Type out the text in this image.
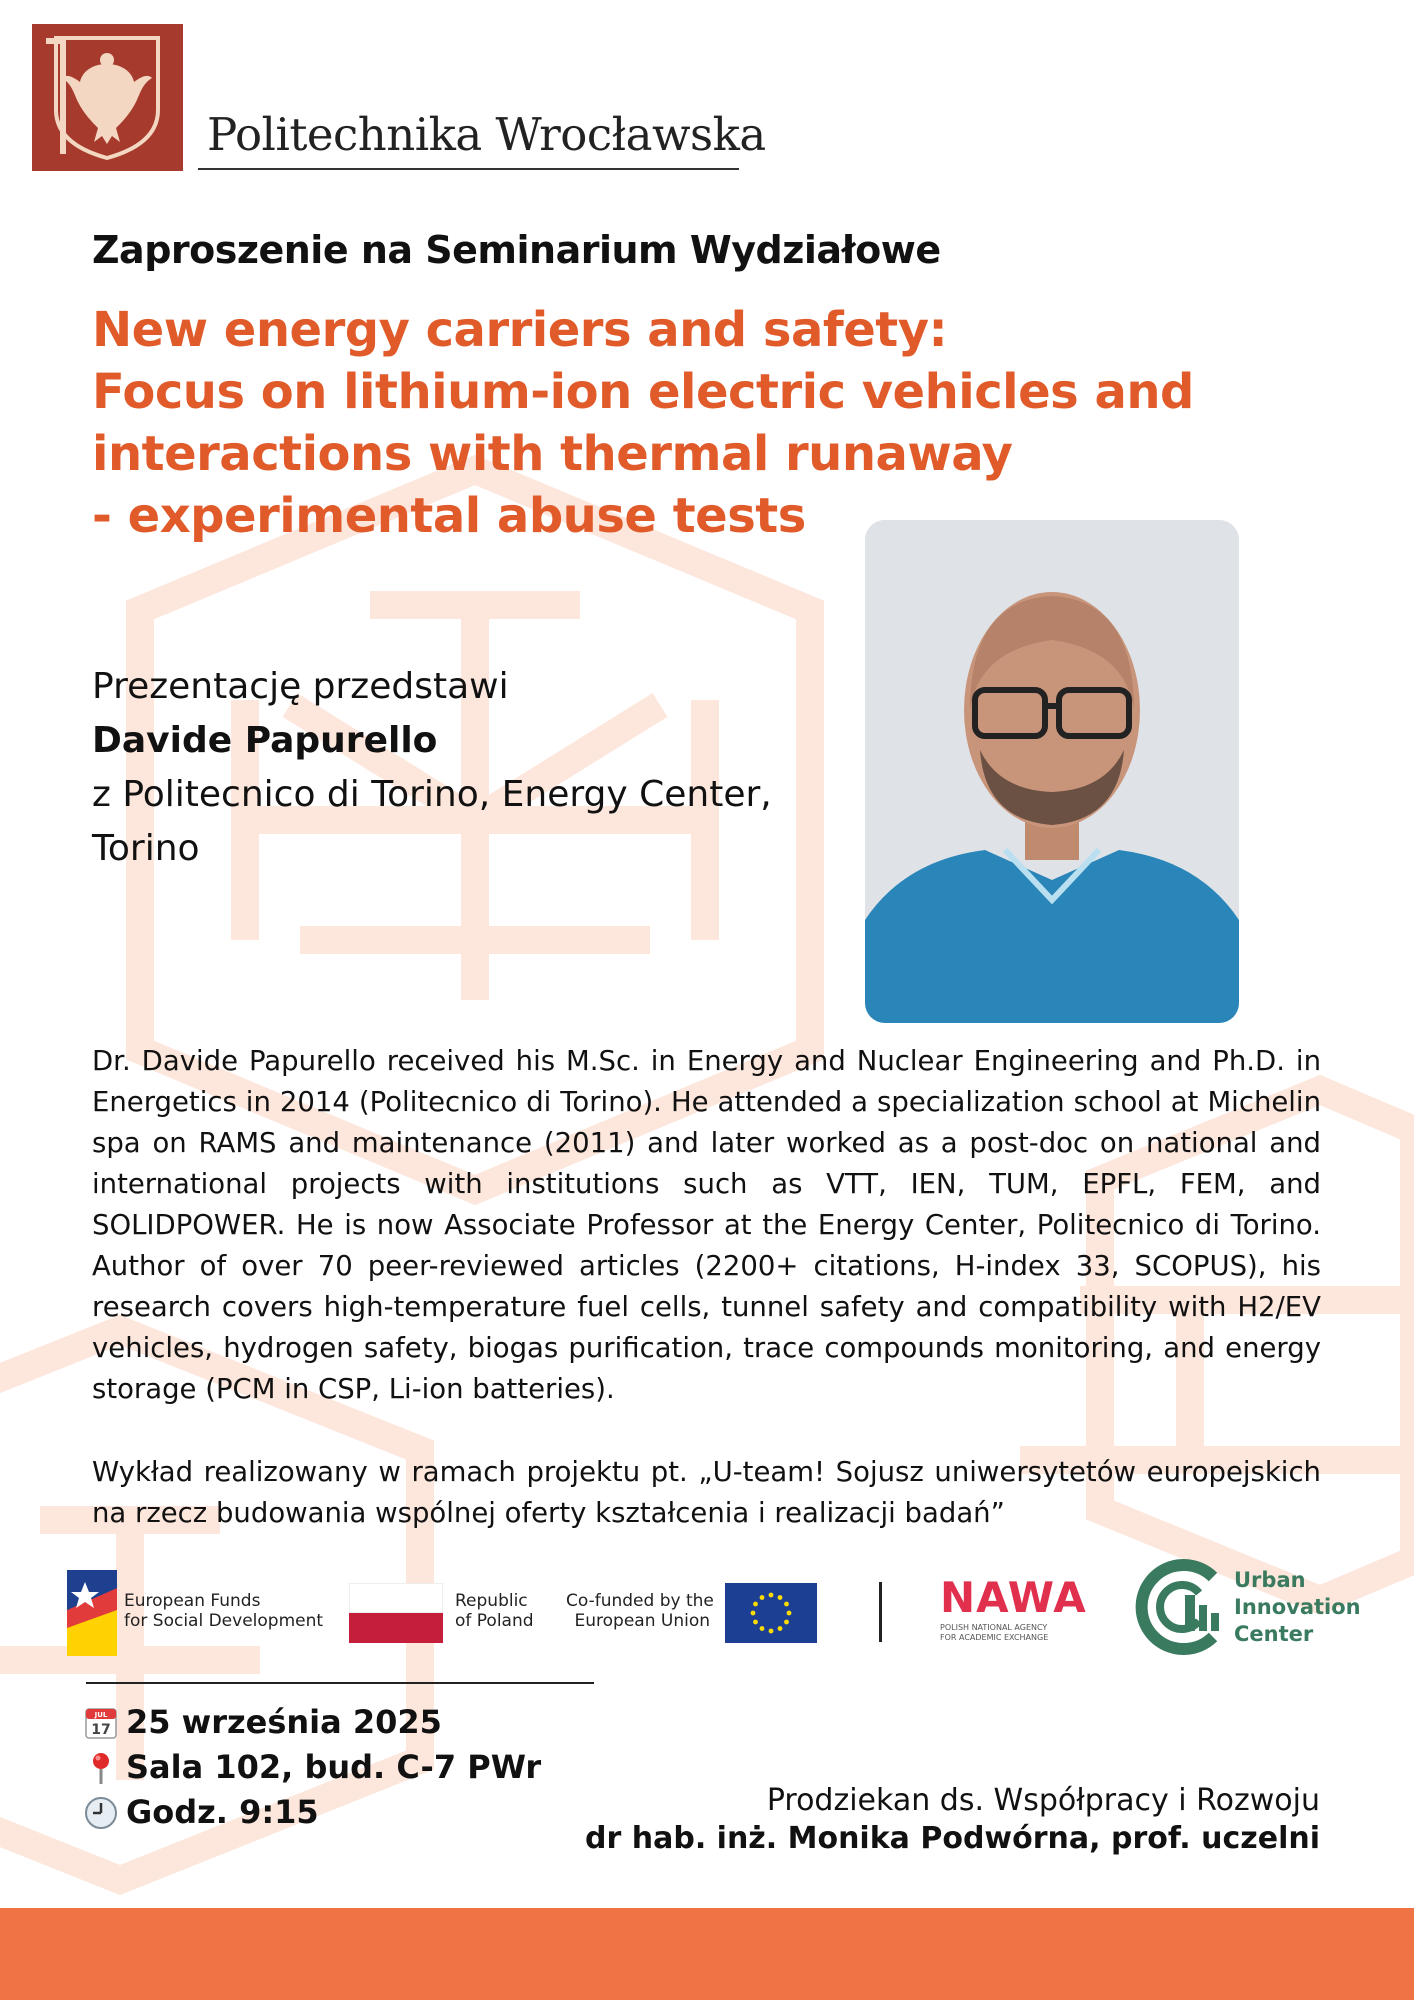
Politechnika Wrocławska
Zaproszenie na Seminarium Wydziałowe
New energy carriers and safety:
Focus on lithium-ion electric vehicles and
interactions with thermal runaway
- experimental abuse tests
Prezentację przedstawi
Davide Papurello
z Politecnico di Torino, Energy Center,
Torino
Dr. Davide Papurello received his M.Sc. in Energy and Nuclear Engineering and Ph.D. in Energetics in 2014 (Politecnico di Torino). He attended a specialization school at Michelin spa on RAMS and maintenance (2011) and later worked as a post-doc on national and international projects with institutions such as VTT, IEN, TUM, EPFL, FEM, and SOLIDPOWER. He is now Associate Professor at the Energy Center, Politecnico di Torino. Author of over 70 peer-reviewed articles (2200+ citations, H-index 33, SCOPUS), his research covers high-temperature fuel cells, tunnel safety and compatibility with H2/EV vehicles, hydrogen safety, biogas purification, trace compounds monitoring, and energy storage (PCM in CSP, Li-ion batteries).
Wykład realizowany w ramach projektu pt. „U-team! Sojusz uniwersytetów europejskich na rzecz budowania wspólnej oferty kształcenia i realizacji badań”
European Funds
for Social Development
Republic
of Poland
Co-funded by the
European Union	NAWA
POLISH NATIONAL AGENCY
FOR ACADEMIC EXCHANGE
Urban
Innovation
Center
JUL
17 25 września 2025
Sala 102, bud. C-7 PWr
Godz. 9:15	Prodziekan ds. Współpracy i Rozwoju
dr hab. inż. Monika Podwórna, prof. uczelni
